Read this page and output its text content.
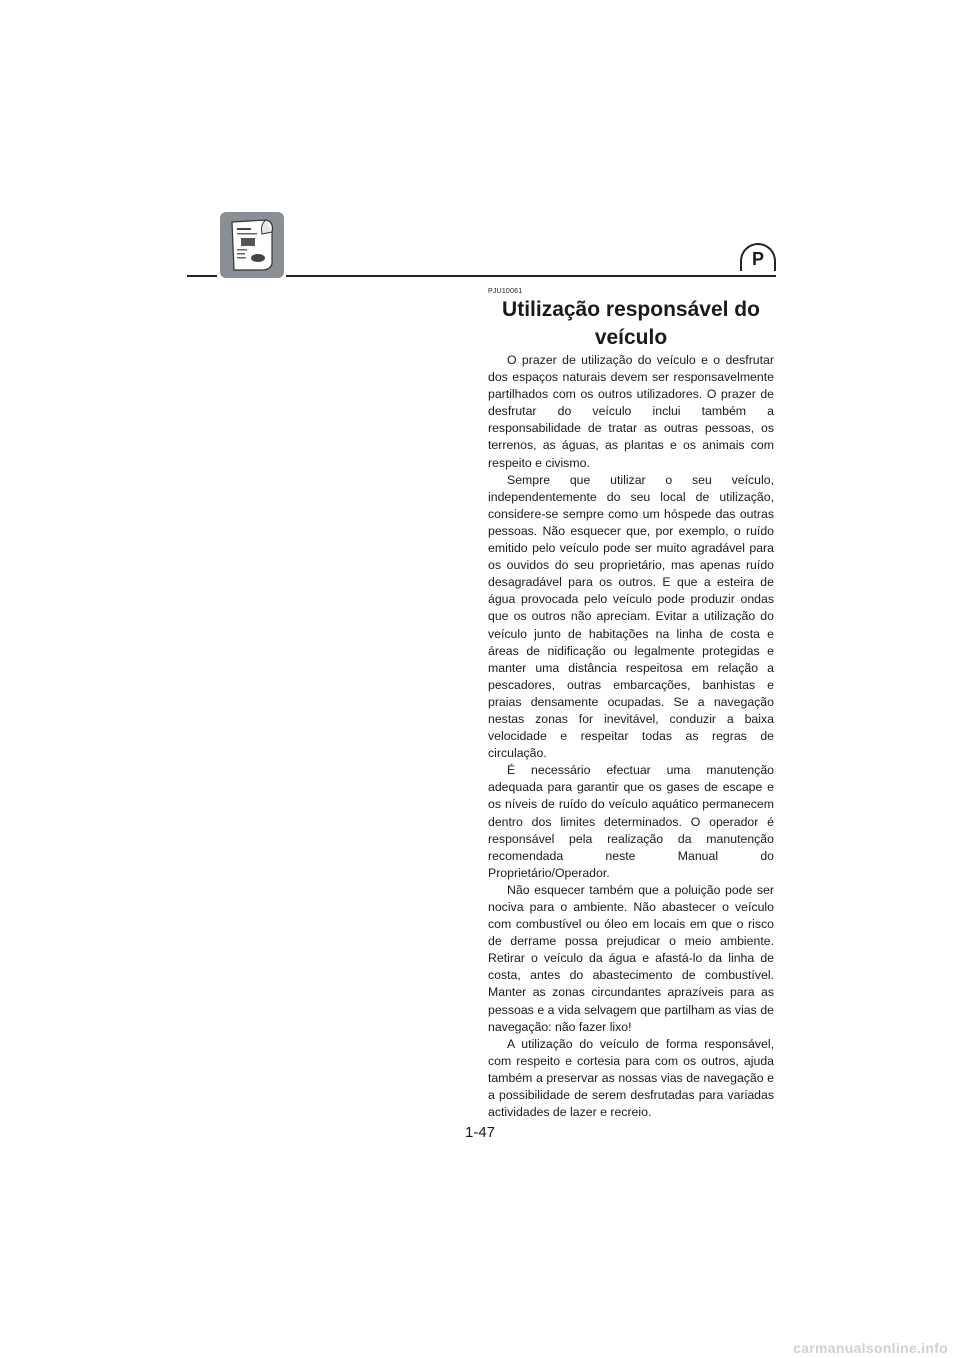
P
PJU10061
Utilização responsável do veículo

O prazer de utilização do veículo e o desfrutar dos espaços naturais devem ser responsavelmente partilhados com os outros utilizadores. O prazer de desfrutar do veículo inclui também a responsabilidade de tratar as outras pessoas, os terrenos, as águas, as plantas e os animais com respeito e civismo.

Sempre que utilizar o seu veículo, independentemente do seu local de utilização, considere-se sempre como um hóspede das outras pessoas. Não esquecer que, por exemplo, o ruído emitido pelo veículo pode ser muito agradável para os ouvidos do seu proprietário, mas apenas ruído desagradável para os outros. E que a esteira de água provocada pelo veículo pode produzir ondas que os outros não apreciam. Evitar a utilização do veículo junto de habitações na linha de costa e áreas de nidificação ou legalmente protegidas e manter uma distância respeitosa em relação a pescadores, outras embarcações, banhistas e praias densamente ocupadas. Se a navegação nestas zonas for inevitável, conduzir a baixa velocidade e respeitar todas as regras de circulação.

É necessário efectuar uma manutenção adequada para garantir que os gases de escape e os níveis de ruído do veículo aquático permanecem dentro dos limites determinados. O operador é responsável pela realização da manutenção recomendada neste Manual do Proprietário/Operador.

Não esquecer também que a poluição pode ser nociva para o ambiente. Não abastecer o veículo com combustível ou óleo em locais em que o risco de derrame possa prejudicar o meio ambiente. Retirar o veículo da água e afastá-lo da linha de costa, antes do abastecimento de combustível. Manter as zonas circundantes aprazíveis para as pessoas e a vida selvagem que partilham as vias de navegação: não fazer lixo!

A utilização do veículo de forma responsável, com respeito e cortesia para com os outros, ajuda também a preservar as nossas vias de navegação e a possibilidade de serem desfrutadas para variadas actividades de lazer e recreio.

1-47
carmanualsonline.info
